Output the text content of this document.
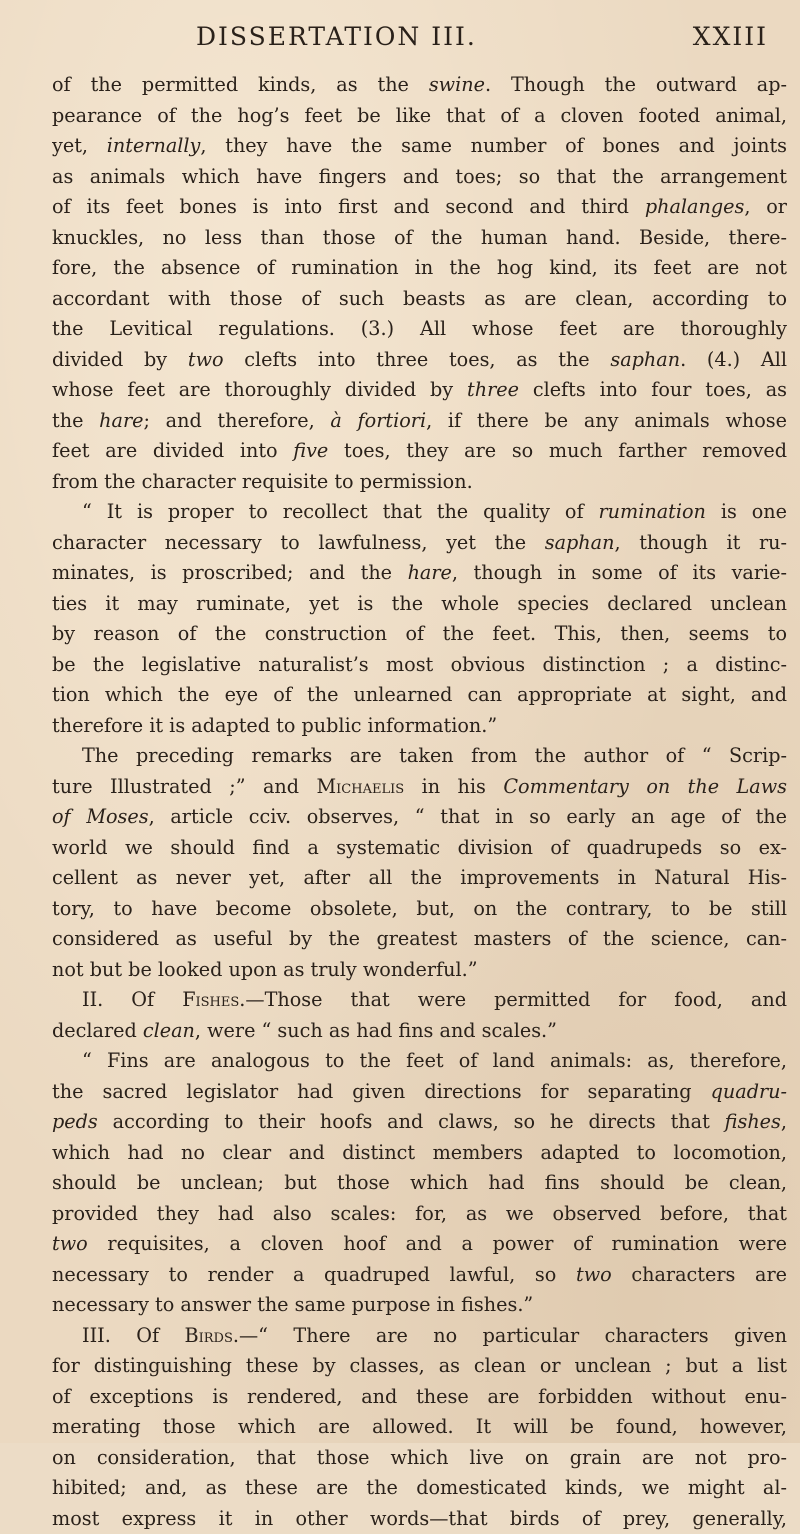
DISSERTATION III.	XXIII
of the permitted kinds, as the swine. Though the outward ap-
pearance of the hog’s feet be like that of a cloven footed animal,
yet, internally, they have the same number of bones and joints
as animals which have fingers and toes; so that the arrangement
of its feet bones is into first and second and third phalanges, or
knuckles, no less than those of the human hand. Beside, there-
fore, the absence of rumination in the hog kind, its feet are not
accordant with those of such beasts as are clean, according to
the Levitical regulations. (3.) All whose feet are thoroughly
divided by two clefts into three toes, as the saphan. (4.) All
whose feet are thoroughly divided by three clefts into four toes, as
the hare; and therefore, à fortiori, if there be any animals whose
feet are divided into five toes, they are so much farther removed
from the character requisite to permission.
“ It is proper to recollect that the quality of rumination is one
character necessary to lawfulness, yet the saphan, though it ru-
minates, is proscribed; and the hare, though in some of its varie-
ties it may ruminate, yet is the whole species declared unclean
by reason of the construction of the feet. This, then, seems to
be the legislative naturalist’s most obvious distinction ; a distinc-
tion which the eye of the unlearned can appropriate at sight, and
therefore it is adapted to public information.”
The preceding remarks are taken from the author of “ Scrip-
ture Illustrated ;” and Michaelis in his Commentary on the Laws
of Moses, article cciv. observes, “ that in so early an age of the
world we should find a systematic division of quadrupeds so ex-
cellent as never yet, after all the improvements in Natural His-
tory, to have become obsolete, but, on the contrary, to be still
considered as useful by the greatest masters of the science, can-
not but be looked upon as truly wonderful.”
II. Of Fishes.—Those that were permitted for food, and
declared clean, were “ such as had fins and scales.”
“ Fins are analogous to the feet of land animals: as, therefore,
the sacred legislator had given directions for separating quadru-
peds according to their hoofs and claws, so he directs that fishes,
which had no clear and distinct members adapted to locomotion,
should be unclean; but those which had fins should be clean,
provided they had also scales: for, as we observed before, that
two requisites, a cloven hoof and a power of rumination were
necessary to render a quadruped lawful, so two characters are
necessary to answer the same purpose in fishes.”
III. Of Birds.—“ There are no particular characters given
for distinguishing these by classes, as clean or unclean ; but a list
of exceptions is rendered, and these are forbidden without enu-
merating those which are allowed. It will be found, however,
on consideration, that those which live on grain are not pro-
hibited; and, as these are the domesticated kinds, we might al-
most express it in other words—that birds of prey, generally,
